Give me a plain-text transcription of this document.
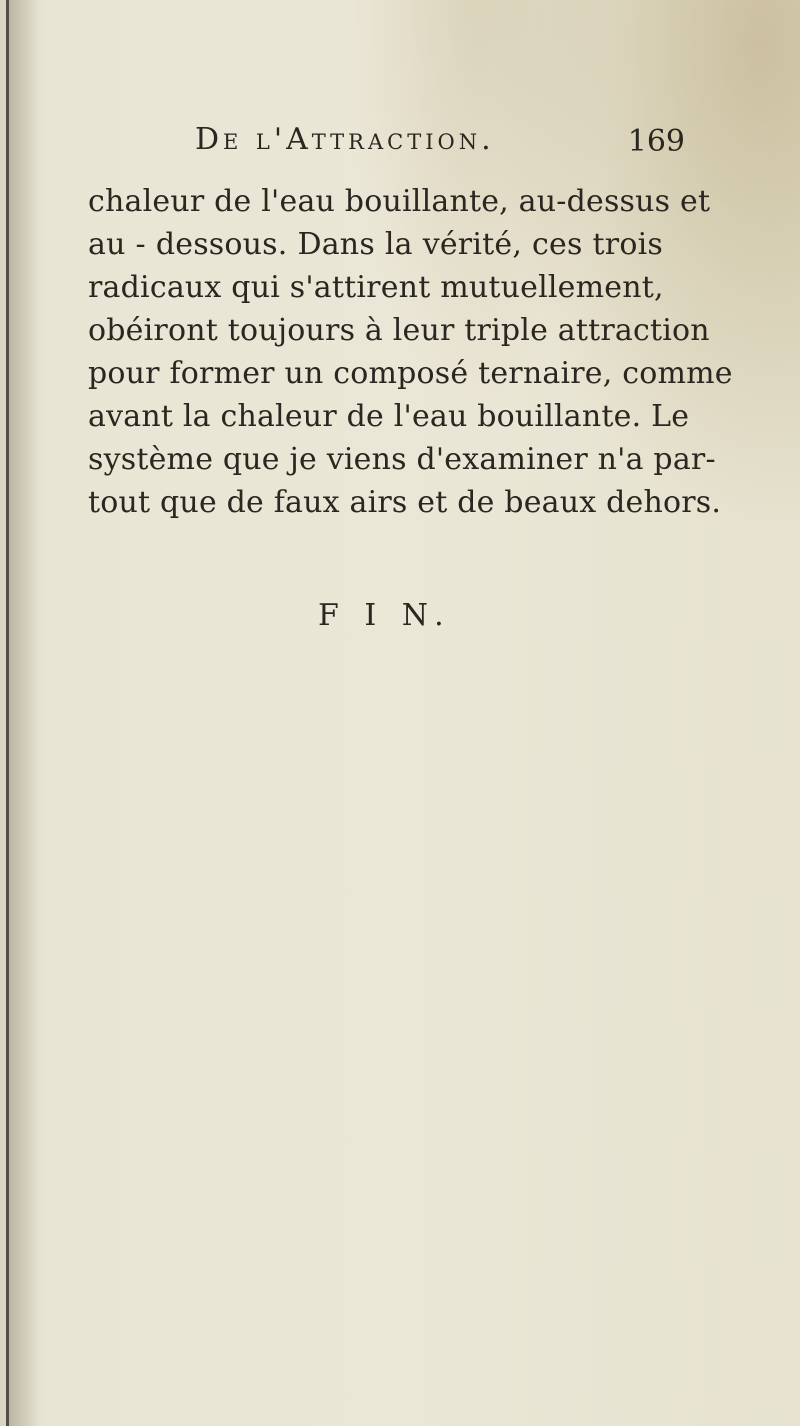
De l'Attraction.	169
chaleur de l'eau bouillante, au-dessus et
au - dessous. Dans la vérité, ces trois
radicaux qui s'attirent mutuellement,
obéiront toujours à leur triple attraction
pour former un composé ternaire, comme
avant la chaleur de l'eau bouillante. Le
système que je viens d'examiner n'a par-
tout que de faux airs et de beaux dehors.
F I N.
